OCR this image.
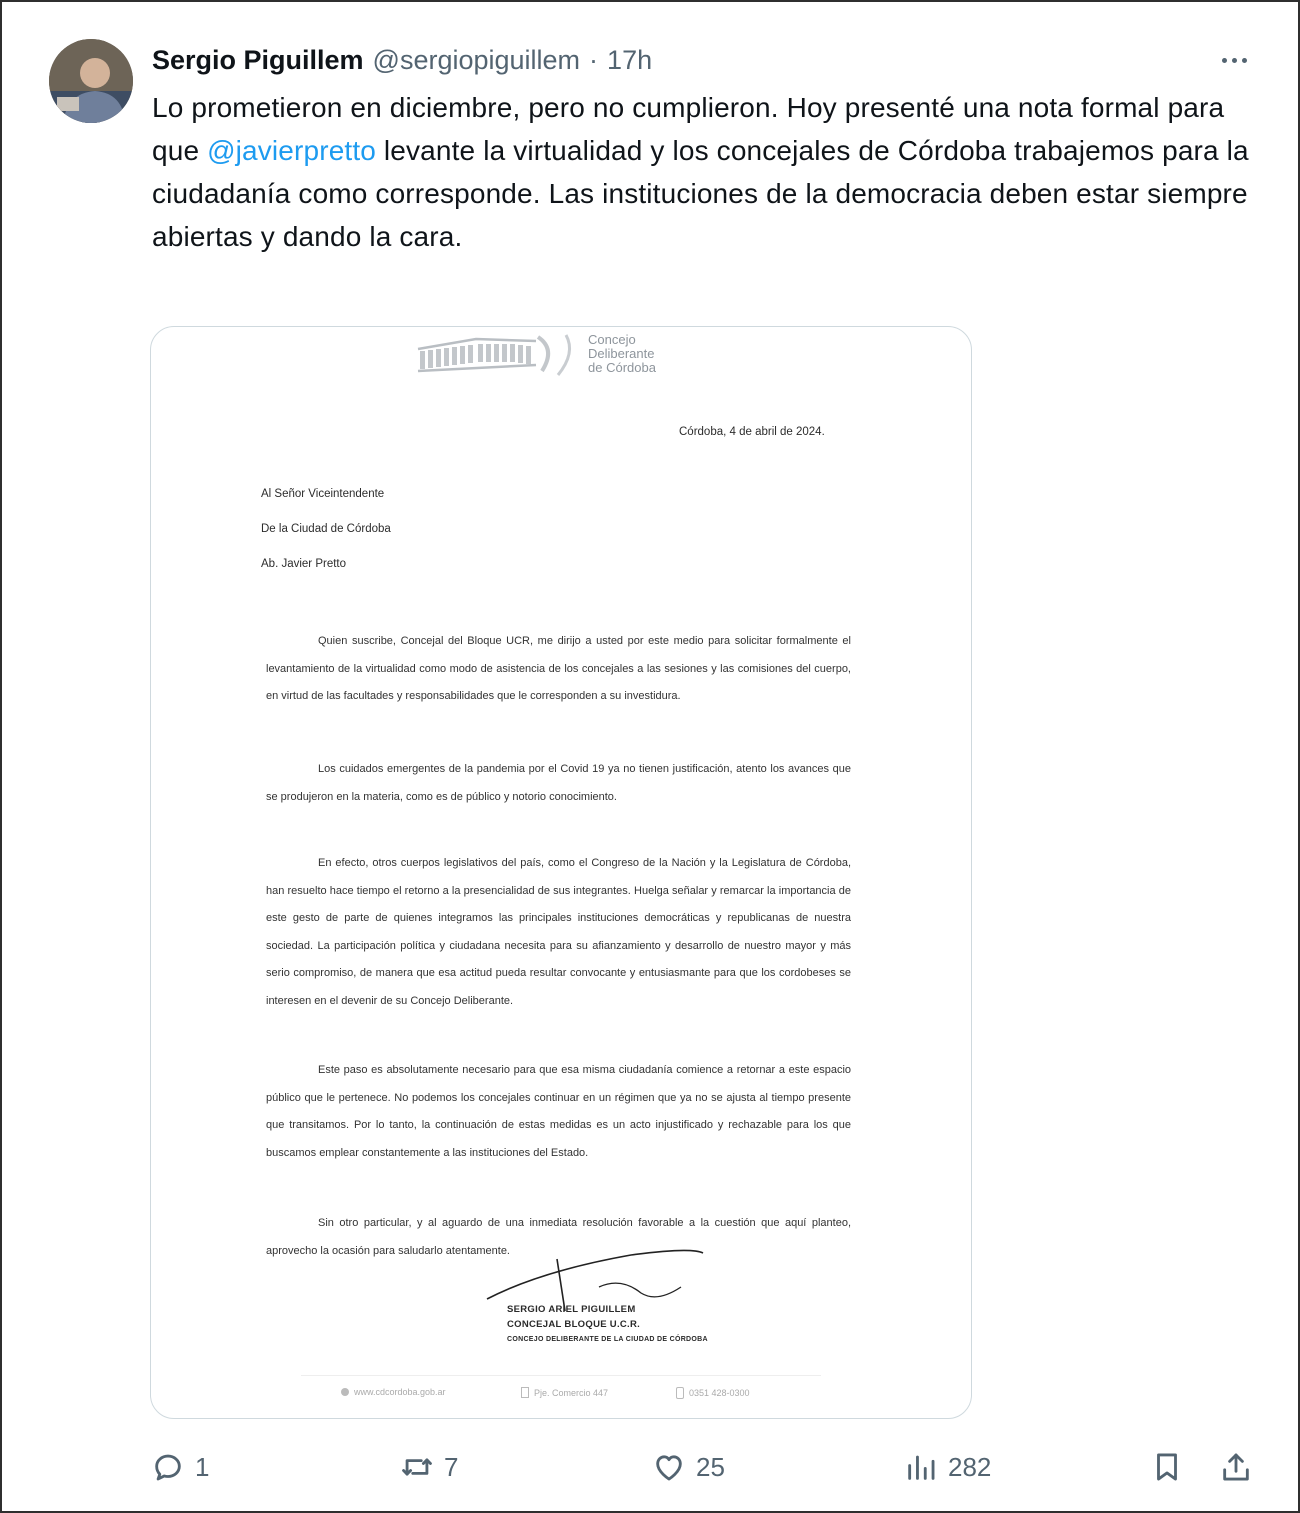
Sergio Piguillem @sergiopiguillem · 17h
Lo prometieron en diciembre, pero no cumplieron. Hoy presenté una nota formal para que @javierpretto levante la virtualidad y los concejales de Córdoba trabajemos para la ciudadanía como corresponde. Las instituciones de la democracia deben estar siempre abiertas y dando la cara.
Concejo
Deliberante
de Córdoba
Córdoba, 4 de abril de 2024.
Al Señor Viceintendente
De la Ciudad de Córdoba
Ab. Javier Pretto

Quien suscribe, Concejal del Bloque UCR, me dirijo a usted por este medio para solicitar formalmente el levantamiento de la virtualidad como modo de asistencia de los concejales a las sesiones y las comisiones del cuerpo, en virtud de las facultades y responsabilidades que le corresponden a su investidura.

Los cuidados emergentes de la pandemia por el Covid 19 ya no tienen justificación, atento los avances que se produjeron en la materia, como es de público y notorio conocimiento.

En efecto, otros cuerpos legislativos del país, como el Congreso de la Nación y la Legislatura de Córdoba, han resuelto hace tiempo el retorno a la presencialidad de sus integrantes. Huelga señalar y remarcar la importancia de este gesto de parte de quienes integramos las principales instituciones democráticas y republicanas de nuestra sociedad. La participación política y ciudadana necesita para su afianzamiento y desarrollo de nuestro mayor y más serio compromiso, de manera que esa actitud pueda resultar convocante y entusiasmante para que los cordobeses se interesen en el devenir de su Concejo Deliberante.

Este paso es absolutamente necesario para que esa misma ciudadanía comience a retornar a este espacio público que le pertenece. No podemos los concejales continuar en un régimen que ya no se ajusta al tiempo presente que transitamos. Por lo tanto, la continuación de estas medidas es un acto injustificado y rechazable para los que buscamos emplear constantemente a las instituciones del Estado.

Sin otro particular, y al aguardo de una inmediata resolución favorable a la cuestión que aquí planteo, aprovecho la ocasión para saludarlo atentamente.

SERGIO ARIEL PIGUILLEM
CONCEJAL BLOQUE U.C.R.
CONCEJO DELIBERANTE DE LA CIUDAD DE CÓRDOBA
www.cdcordoba.gob.ar	Pje. Comercio 447	0351 428-0300
1	7	25	282
